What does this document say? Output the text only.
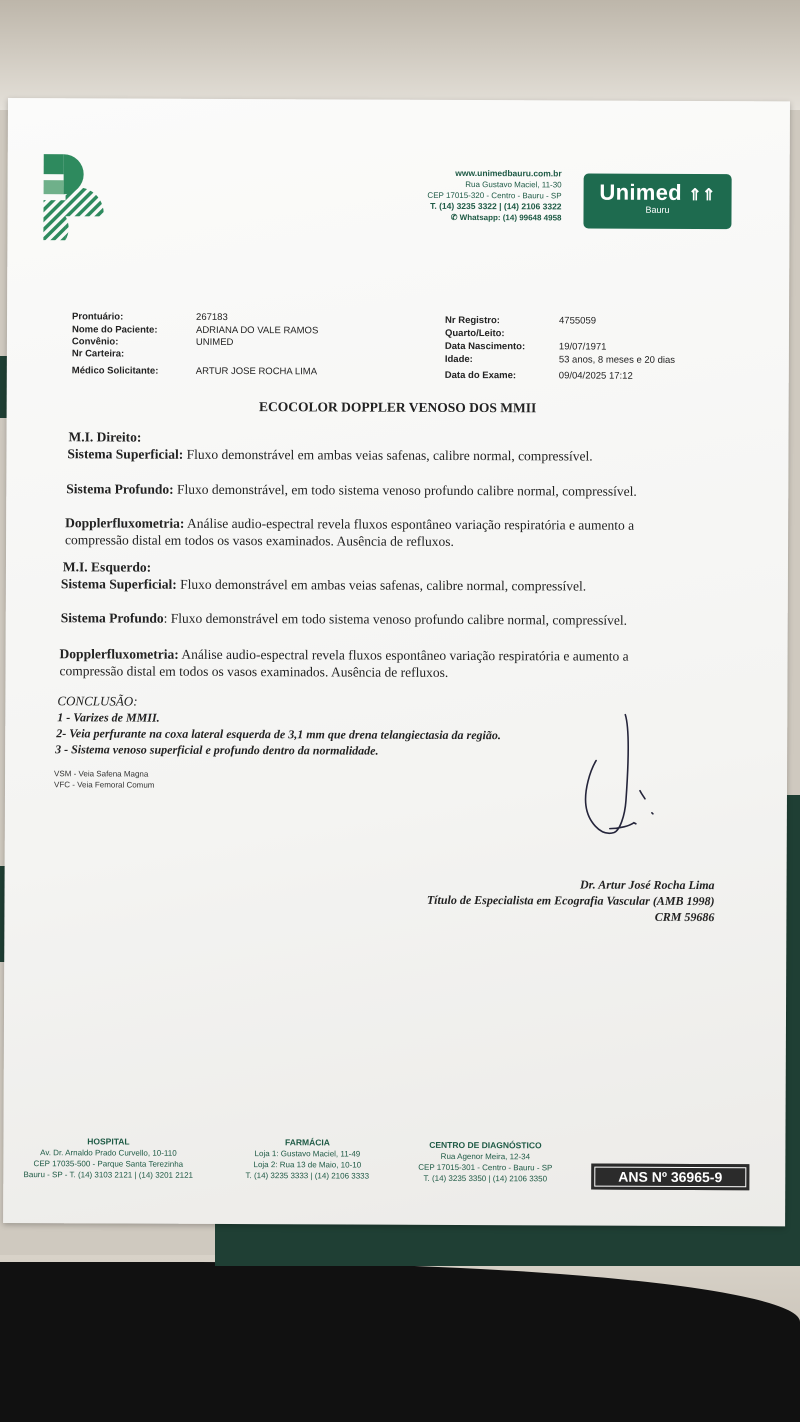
www.unimedbauru.com.br
Rua Gustavo Maciel, 11-30
CEP 17015-320 - Centro - Bauru - SP
T. (14) 3235 3322 | (14) 2106 3322
✆ Whatsapp: (14) 99648 4958
Unimed ⇑⇑
Bauru
Prontuário:	267183
Nome do Paciente:	ADRIANA DO VALE RAMOS
Convênio:	UNIMED
Nr Carteira:
Médico Solicitante:	ARTUR JOSE ROCHA LIMA
Nr Registro:	4755059
Quarto/Leito:
Data Nascimento:	19/07/1971
Idade:	53 anos, 8 meses e 20 dias
Data do Exame:	09/04/2025 17:12
ECOCOLOR DOPPLER VENOSO DOS MMII
M.I. Direito:
Sistema Superficial: Fluxo demonstrável em ambas veias safenas, calibre normal, compressível.
Sistema Profundo: Fluxo demonstrável, em todo sistema venoso profundo calibre normal, compressível.
Dopplerfluxometria: Análise audio-espectral revela fluxos espontâneo variação respiratória e aumento a
compressão distal em todos os vasos examinados. Ausência de refluxos.
M.I. Esquerdo:
Sistema Superficial: Fluxo demonstrável em ambas veias safenas, calibre normal, compressível.
Sistema Profundo: Fluxo demonstrável em todo sistema venoso profundo calibre normal, compressível.
Dopplerfluxometria: Análise audio-espectral revela fluxos espontâneo variação respiratória e aumento a
compressão distal em todos os vasos examinados. Ausência de refluxos.
CONCLUSÃO:
1 - Varizes de MMII.
2- Veia perfurante na coxa lateral esquerda de 3,1 mm que drena telangiectasia da região.
3 - Sistema venoso superficial e profundo dentro da normalidade.
VSM - Veia Safena Magna
VFC - Veia Femoral Comum
Dr. Artur José Rocha Lima
Título de Especialista em Ecografia Vascular (AMB 1998)
CRM 59686
HOSPITAL
Av. Dr. Arnaldo Prado Curvello, 10-110
CEP 17035-500 - Parque Santa Terezinha
Bauru - SP - T. (14) 3103 2121 | (14) 3201 2121
FARMÁCIA
Loja 1: Gustavo Maciel, 11-49
Loja 2: Rua 13 de Maio, 10-10
T. (14) 3235 3333 | (14) 2106 3333
CENTRO DE DIAGNÓSTICO
Rua Agenor Meira, 12-34
CEP 17015-301 - Centro - Bauru - SP
T. (14) 3235 3350 | (14) 2106 3350	ANS Nº 36965-9
